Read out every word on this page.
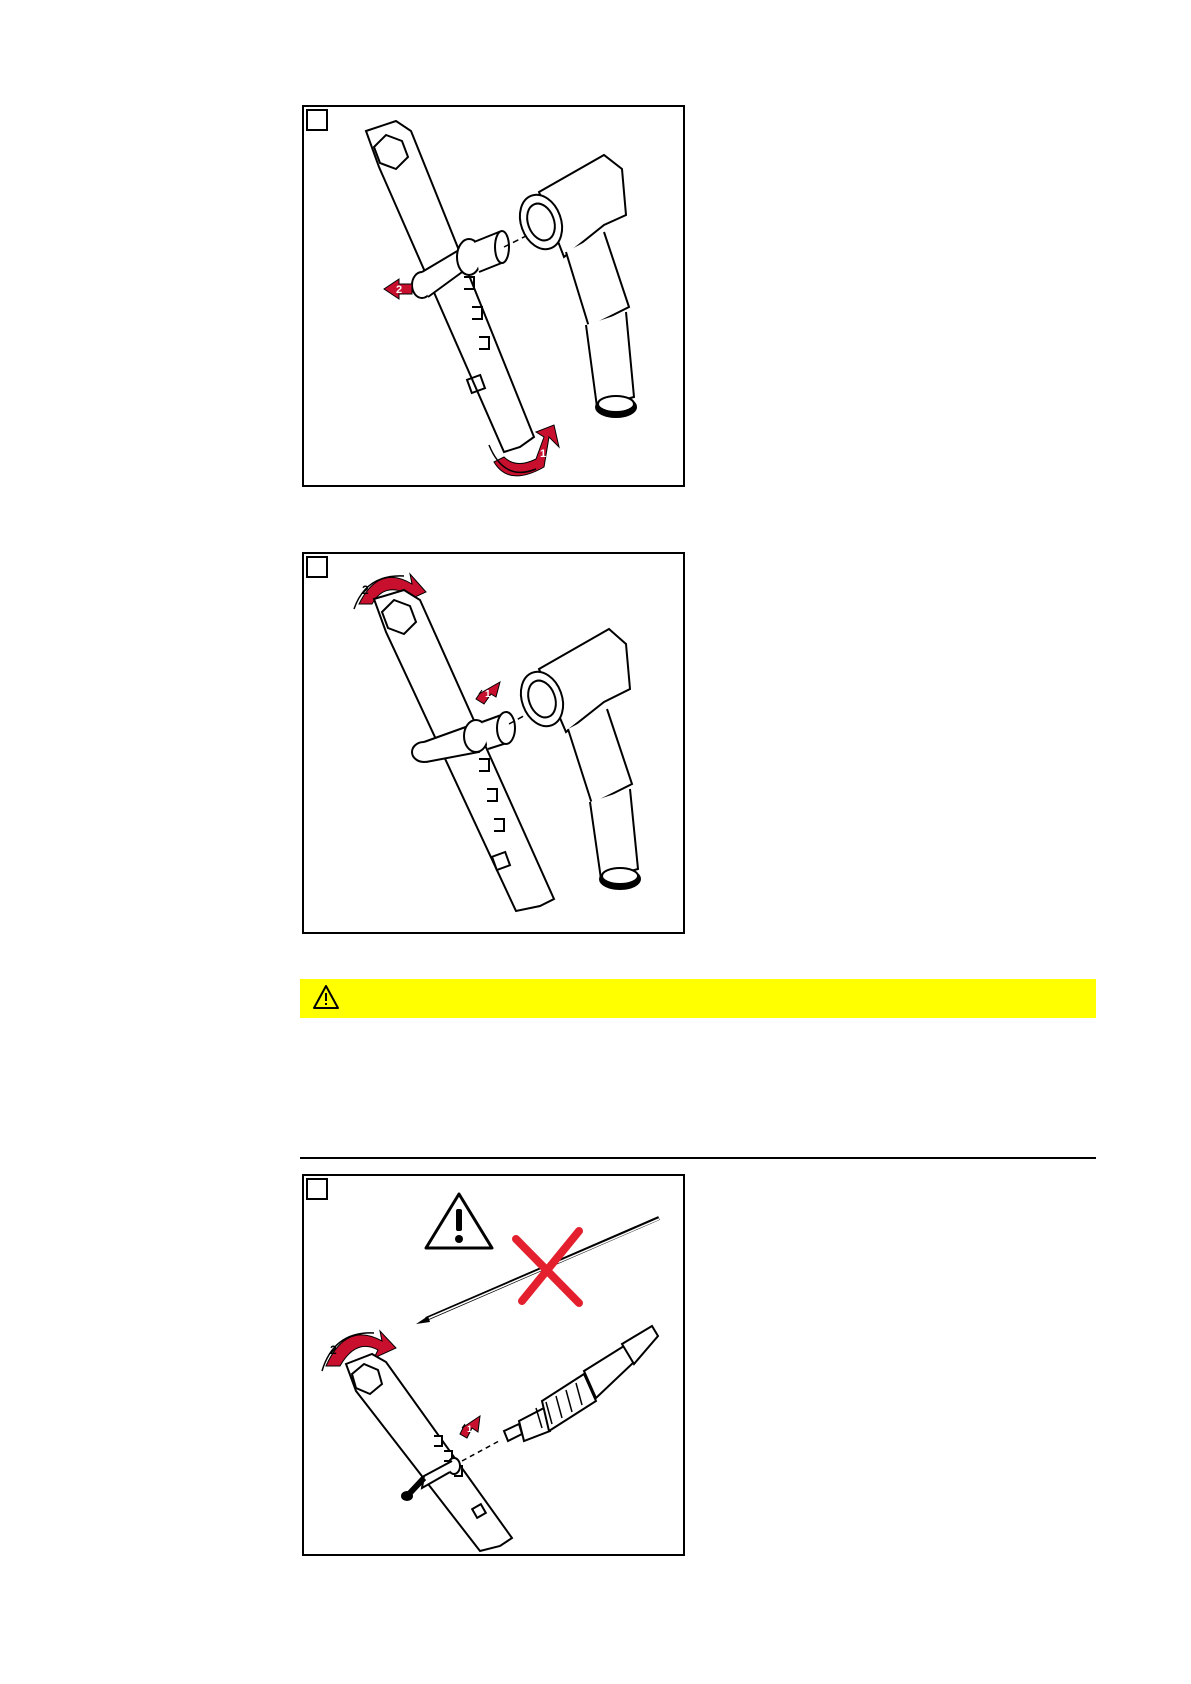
2
1
2
1
2
1
